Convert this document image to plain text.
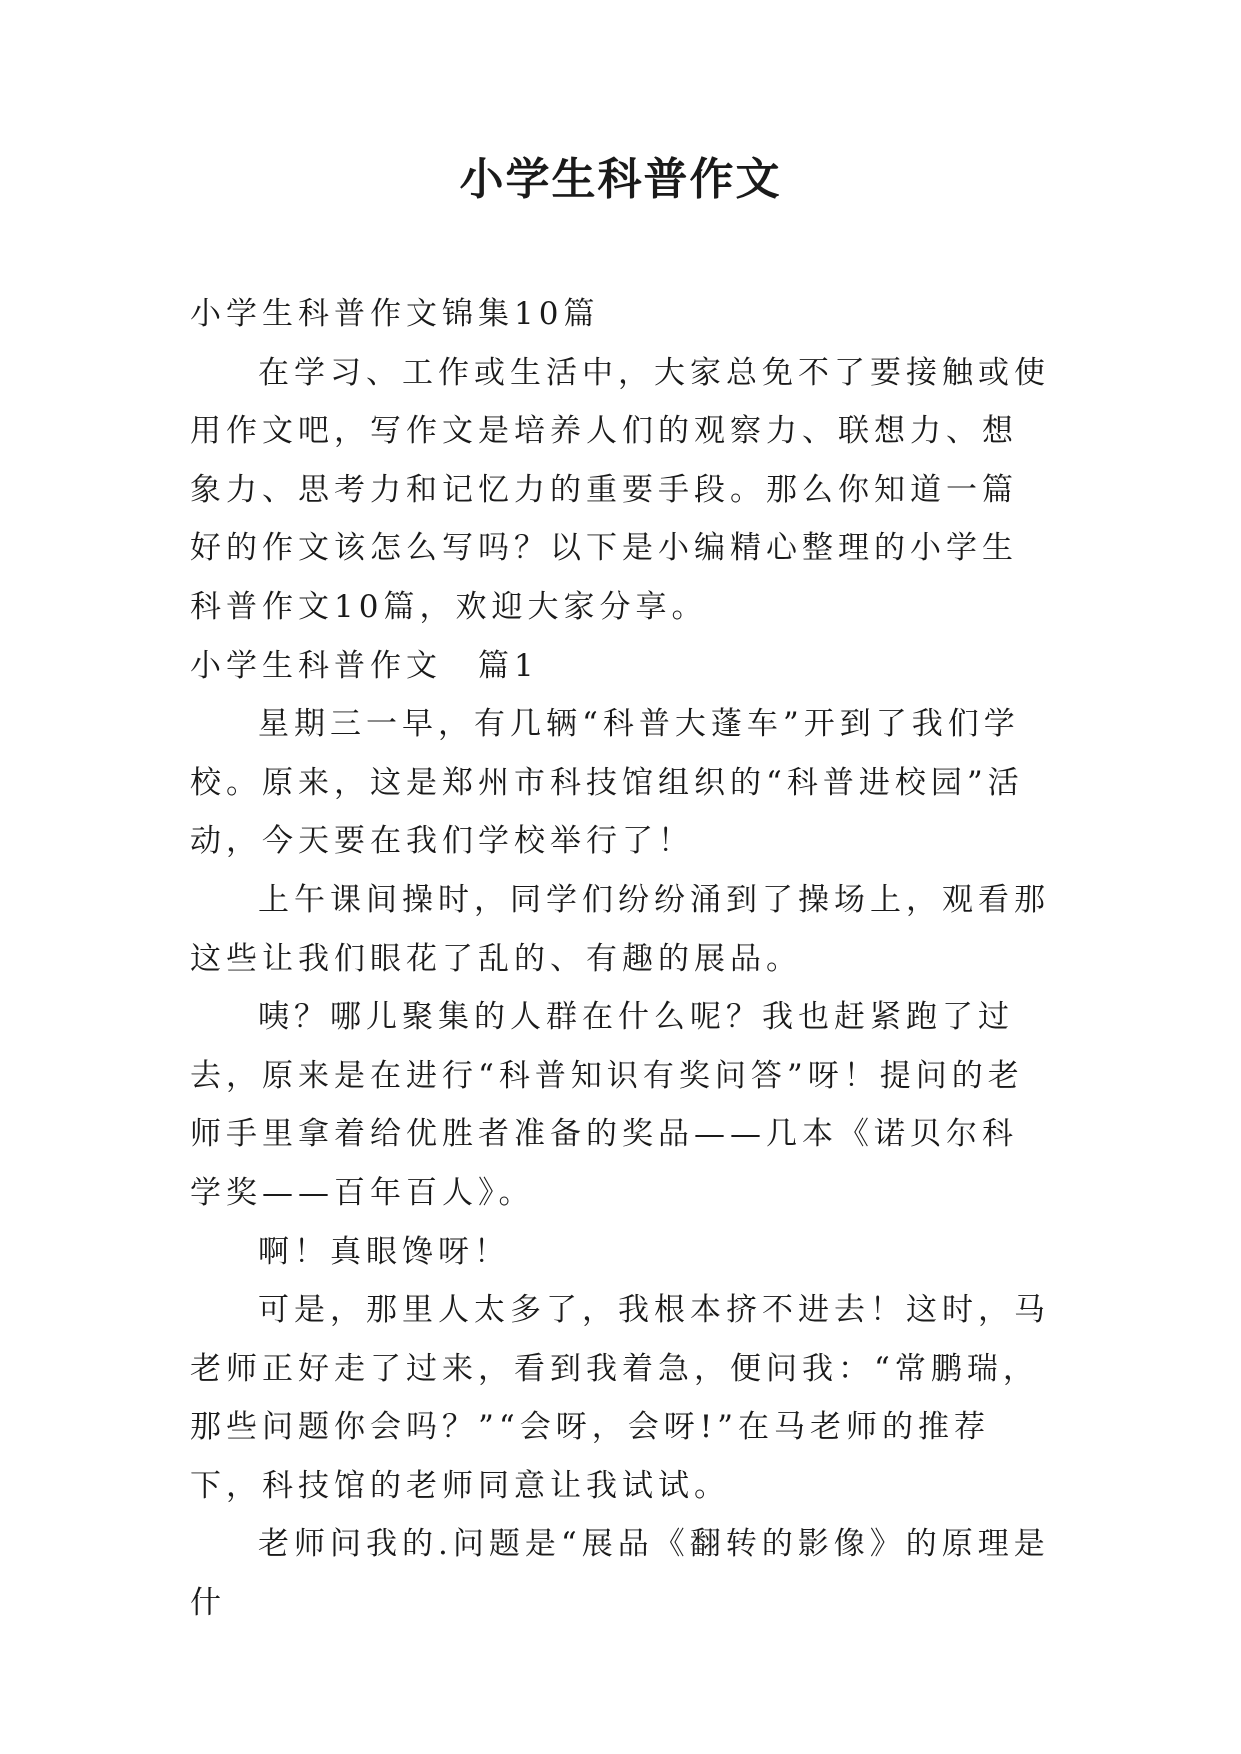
小学生科普作文

小学生科普作文锦集10篇

在学习、工作或生活中，大家总免不了要接触或使用作文吧，写作文是培养人们的观察力、联想力、想象力、思考力和记忆力的重要手段。那么你知道一篇好的作文该怎么写吗？以下是小编精心整理的小学生科普作文10篇，欢迎大家分享。

小学生科普作文　篇1

星期三一早，有几辆“科普大蓬车”开到了我们学校。原来，这是郑州市科技馆组织的“科普进校园”活动，今天要在我们学校举行了！

上午课间操时，同学们纷纷涌到了操场上，观看那这些让我们眼花了乱的、有趣的展品。

咦？哪儿聚集的人群在什么呢？我也赶紧跑了过去，原来是在进行“科普知识有奖问答”呀！提问的老师手里拿着给优胜者准备的奖品——几本《诺贝尔科学奖——百年百人》。

啊！真眼馋呀！

可是，那里人太多了，我根本挤不进去！这时，马老师正好走了过来，看到我着急，便问我：“常鹏瑞，那些问题你会吗？”“会呀，会呀!”在马老师的推荐下，科技馆的老师同意让我试试。

老师问我的.问题是“展品《翻转的影像》的原理是什
